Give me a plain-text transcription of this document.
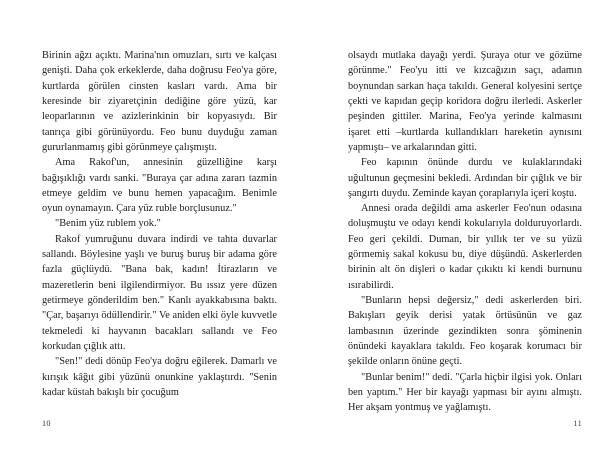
Birinin ağzı açıktı. Marina'nın omuzları, sırtı ve kalçası genişti. Daha çok erkeklerde, daha doğrusu Feo'ya göre, kurtlarda görülen cinsten kasları vardı. Ama bir keresinde bir ziyaretçinin dediğine göre yüzü, kar leoparlarının ve azizlerinkinin bir kopyasıydı. Bir tanrıça gibi görünüyordu. Feo bunu duyduğu zaman gururlanmamış gibi görünmeye çalışmıştı.

Ama Rakof'un, annesinin güzelliğine karşı bağışıklığı vardı sanki. "Buraya çar adına zararı tazmin etmeye geldim ve bunu hemen yapacağım. Benimle oyun oynamayın. Çara yüz ruble borçlusunuz."

"Benim yüz rublem yok."

Rakof yumruğunu duvara indirdi ve tahta duvarlar sallandı. Böylesine yaşlı ve buruş buruş bir adama göre fazla güçlüydü. "Bana bak, kadın! İtirazların ve mazeretlerin beni ilgilendirmiyor. Bu ıssız yere düzen getirmeye gönderildim ben." Kanlı ayakkabısına baktı. "Çar, başarıyı ödüllendirir." Ve aniden elki öyle kuvvetle tekmeledi ki hayvanın bacakları sallandı ve Feo korkudan çığlık attı.

"Sen!" dedi dönüp Feo'ya doğru eğilerek. Damarlı ve kırışık kâğıt gibi yüzünü onunkine yaklaştırdı. "Senin kadar küstah bakışlı bir çocuğum

10

olsaydı mutlaka dayağı yerdi. Şuraya otur ve gözüme görünme." Feo'yu itti ve kızcağızın saçı, adamın boynundan sarkan haça takıldı. General kolyesini sertçe çekti ve kapıdan geçip koridora doğru ilerledi. Askerler peşinden gittiler. Marina, Feo'ya yerinde kalmasını işaret etti –kurtlarda kullandıkları hareketin aynısını yapmıştı– ve arkalarından gitti.

Feo kapının önünde durdu ve kulaklarındaki uğultunun geçmesini bekledi. Ardından bir çığlık ve bir şangırtı duydu. Zeminde kayan çoraplarıyla içeri koştu.

Annesi orada değildi ama askerler Feo'nun odasına doluşmuştu ve odayı kendi kokularıyla dolduruyorlardı. Feo geri çekildi. Duman, bir yıllık ter ve su yüzü görmemiş sakal kokusu bu, diye düşündü. Askerlerden birinin alt ön dişleri o kadar çıkıktı ki kendi burnunu ısırabilirdi.

"Bunların hepsi değersiz," dedi askerlerden biri. Bakışları geyik derisi yatak örtüsünün ve gaz lambasının üzerinde gezindikten sonra şöminenin önündeki kayaklara takıldı. Feo koşarak korumacı bir şekilde onların önüne geçti.

"Bunlar benim!" dedi. "Çarla hiçbir ilgisi yok. Onları ben yaptım." Her bir kayağı yapması bir ayını almıştı. Her akşam yontmuş ve yağlamıştı.

11
